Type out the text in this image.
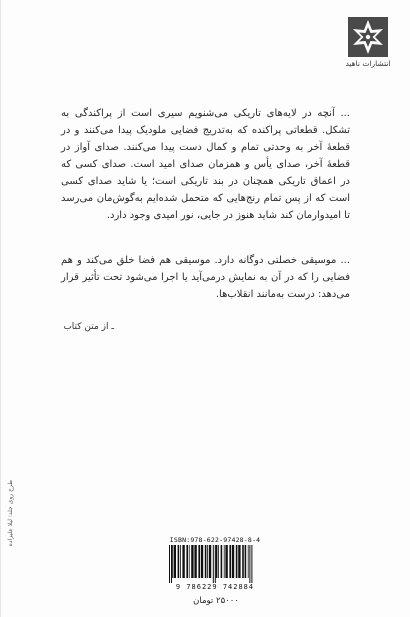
انتشارات ناهید

... آنچه در لایه‌های تاریکی می‌شنویم سیری است از پراکندگی به تشکل. قطعاتی پراکنده که به‌تدریج فضایی ملودیک پیدا می‌کنند و در قطعهٔ آخر به وحدتی تمام و کمال دست پیدا می‌کنند. صدای آواز در قطعهٔ آخر، صدای یأس و همزمان صدای امید است. صدای کسی که در اعماق تاریکی همچنان در بند تاریکی است؛ یا شاید صدای کسی است که از پس تمام رنج‌هایی که متحمل شده‌ایم به‌گوش‌مان می‌رسد تا امیدوارمان کند شاید هنوز در جایی، نور امیدی وجود دارد.

... موسیقی خصلتی دوگانه دارد. موسیقی هم فضا خلق می‌کند و هم فضایی را که در آن به نمایش درمی‌آید یا اجرا می‌شود تحت تأثیر قرار می‌دهد: درست به‌مانند انقلاب‌ها.

ـ از متن کتاب
طرح روی جلد: لیلا علیزاده	ISBN:978-622-97428-8-4
9 786229 742884
۲۵۰۰۰ تومان
